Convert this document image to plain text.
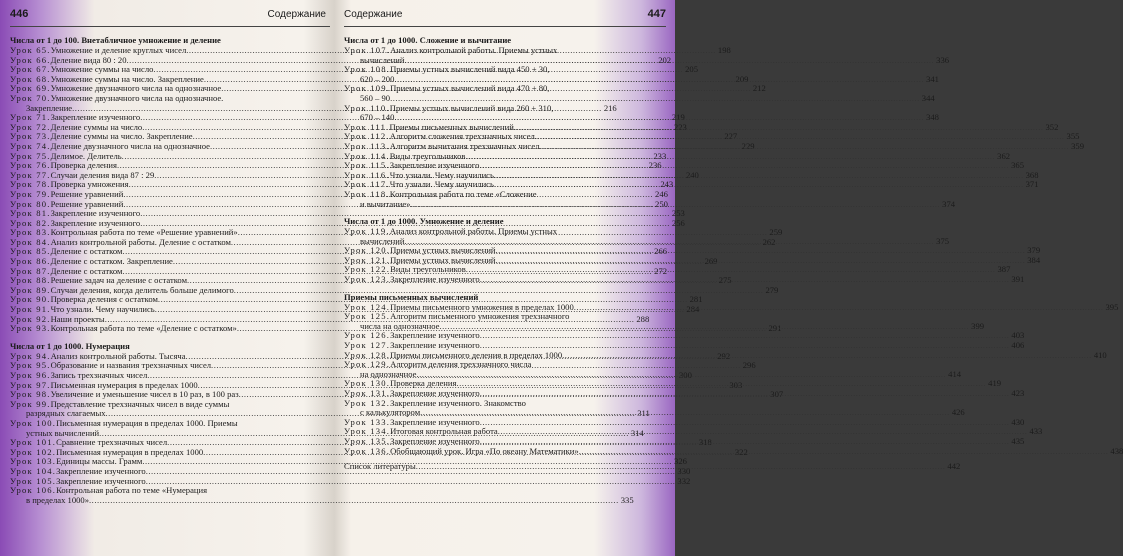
446	Содержание
Числа от 1 до 100. Внетабличное умножение и деление
Урок 65. Умножение и деление круглых чисел .....	198
Урок 66. Деление вида 80 : 20 .....	202
Урок 67. Умножение суммы на число .....	205
Урок 68. Умножение суммы на число. Закрепление .....	209
Урок 69. Умножение двузначного числа на однозначное .....	212
Урок 70. Умножение двузначного числа на однозначное.
Закрепление .....	216
Урок 71. Закрепление изученного .....	219
Урок 72. Деление суммы на число .....	223
Урок 73. Деление суммы на число. Закрепление .....	227
Урок 74. Деление двузначного числа на однозначное .....	229
Урок 75. Делимое. Делитель .....	233
Урок 76. Проверка деления .....	236
Урок 77. Случаи деления вида 87 : 29 .....	240
Урок 78. Проверка умножения .....	243
Урок 79. Решение уравнений .....	246
Урок 80. Решение уравнений .....	250
Урок 81. Закрепление изученного .....	253
Урок 82. Закрепление изученного .....	256
Урок 83. Контрольная работа по теме «Решение уравнений» .....	259
Урок 84. Анализ контрольной работы. Деление с остатком .....	262
Урок 85. Деление с остатком .....	266
Урок 86. Деление с остатком. Закрепление .....	269
Урок 87. Деление с остатком .....	272
Урок 88. Решение задач на деление с остатком .....	275
Урок 89. Случаи деления, когда делитель больше делимого .....	279
Урок 90. Проверка деления с остатком .....	281
Урок 91. Что узнали. Чему научились .....	284
Урок 92. Наши проекты .....	288
Урок 93. Контрольная работа по теме «Деление с остатком» .....	291
Числа от 1 до 1000. Нумерация
Урок 94. Анализ контрольной работы. Тысяча .....	292
Урок 95. Образование и названия трехзначных чисел .....	296
Урок 96. Запись трехзначных чисел .....	300
Урок 97. Письменная нумерация в пределах 1000 .....	303
Урок 98. Увеличение и уменьшение чисел в 10 раз, в 100 раз .....	307
Урок 99. Представление трехзначных чисел в виде суммы
разрядных слагаемых .....	311
Урок 100. Письменная нумерация в пределах 1000. Приемы
устных вычислений .....	314
Урок 101. Сравнение трехзначных чисел .....	318
Урок 102. Письменная нумерация в пределах 1000 .....	322
Урок 103. Единицы массы. Грамм .....	326
Урок 104. Закрепление изученного .....	330
Урок 105. Закрепление изученного .....	332
Урок 106. Контрольная работа по теме «Нумерация
в пределах 1000» .....	335
Содержание	447
Числа от 1 до 1000. Сложение и вычитание
Урок 107. Анализ контрольной работы. Приемы устных
вычислений .....	336
Урок 108. Приемы устных вычислений вида 450 + 30,
620 – 200 .....	341
Урок 109. Приемы устных вычислений вида 470 + 80,
560 – 90 .....	344
Урок 110. Приемы устных вычислений вида 260 + 310,
670 – 140 .....	348
Урок 111. Приемы письменных вычислений .....	352
Урок 112. Алгоритм сложения трехзначных чисел .....	355
Урок 113. Алгоритм вычитания трехзначных чисел .....	359
Урок 114. Виды треугольников .....	362
Урок 115. Закрепление изученного .....	365
Урок 116. Что узнали. Чему научились .....	368
Урок 117. Что узнали. Чему научились .....	371
Урок 118. Контрольная работа по теме «Сложение
и вычитание» .....	374
Числа от 1 до 1000. Умножение и деление
Урок 119. Анализ контрольной работы. Приемы устных
вычислений .....	375
Урок 120. Приемы устных вычислений .....	379
Урок 121. Приемы устных вычислений .....	384
Урок 122. Виды треугольников .....	387
Урок 123. Закрепление изученного .....	391
Приемы письменных вычислений
Урок 124. Приемы письменного умножения в пределах 1000 .....	395
Урок 125. Алгоритм письменного умножения трехзначного
числа на однозначное .....	399
Урок 126. Закрепление изученного .....	403
Урок 127. Закрепление изученного .....	406
Урок 128. Приемы письменного деления в пределах 1000 .....	410
Урок 129. Алгоритм деления трехзначного числа
на однозначное .....	414
Урок 130. Проверка деления .....	419
Урок 131. Закрепление изученного .....	423
Урок 132. Закрепление изученного. Знакомство
с калькулятором .....	426
Урок 133. Закрепление изученного .....	430
Урок 134. Итоговая контрольная работа .....	433
Урок 135. Закрепление изученного .....	435
Урок 136. Обобщающий урок. Игра «По океану Математики» .....	438
Список литературы .....	442
